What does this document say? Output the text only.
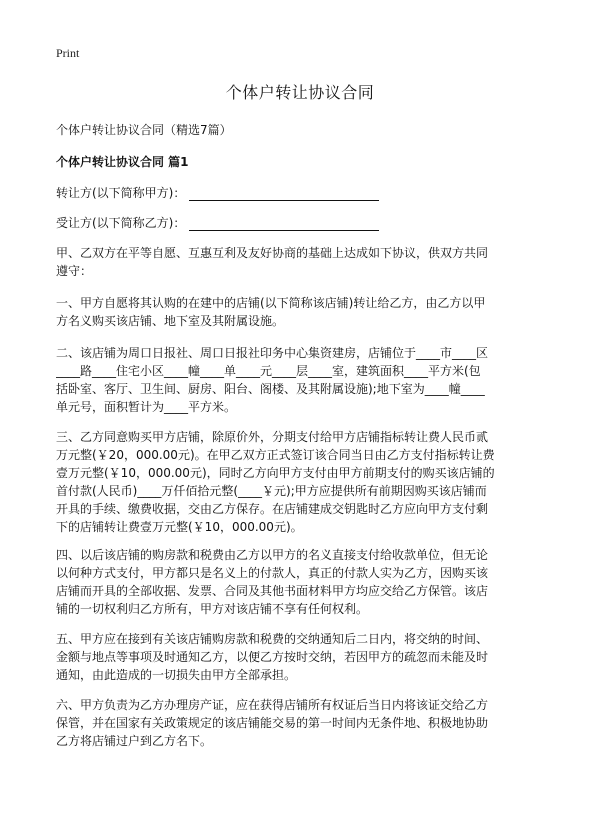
Print
个体户转让协议合同
个体户转让协议合同（精选7篇）
个体户转让协议合同 篇1
转让方(以下简称甲方)：
受让方(以下简称乙方)：
甲、乙双方在平等自愿、互惠互利及友好协商的基础上达成如下协议，供双方共同
遵守：
一、甲方自愿将其认购的在建中的店铺(以下简称该店铺)转让给乙方，由乙方以甲
方名义购买该店铺、地下室及其附属设施。
二、该店铺为周口日报社、周口日报社印务中心集资建房，店铺位于____市____区
____路____住宅小区____幢____单____元____层____室，建筑面积____平方米(包
括卧室、客厅、卫生间、厨房、阳台、阁楼、及其附属设施);地下室为____幢____
单元号，面积暂计为____平方米。
三、乙方同意购买甲方店铺，除原价外，分期支付给甲方店铺指标转让费人民币贰
万元整(￥20，000.00元)。在甲乙双方正式签订该合同当日由乙方支付指标转让费
壹万元整(￥10，000.00元)，同时乙方向甲方支付由甲方前期支付的购买该店铺的
首付款(人民币)____万仟佰拾元整(____￥元);甲方应提供所有前期因购买该店铺而
开具的手续、缴费收据，交由乙方保存。在店铺建成交钥匙时乙方应向甲方支付剩
下的店铺转让费壹万元整(￥10，000.00元)。
四、以后该店铺的购房款和税费由乙方以甲方的名义直接支付给收款单位，但无论
以何种方式支付，甲方都只是名义上的付款人，真正的付款人实为乙方，因购买该
店铺而开具的全部收据、发票、合同及其他书面材料甲方均应交给乙方保管。该店
铺的一切权利归乙方所有，甲方对该店铺不享有任何权利。
五、甲方应在接到有关该店铺购房款和税费的交纳通知后二日内，将交纳的时间、
金额与地点等事项及时通知乙方，以便乙方按时交纳，若因甲方的疏忽而未能及时
通知，由此造成的一切损失由甲方全部承担。
六、甲方负责为乙方办理房产证，应在获得店铺所有权证后当日内将该证交给乙方
保管，并在国家有关政策规定的该店铺能交易的第一时间内无条件地、积极地协助
乙方将店铺过户到乙方名下。
